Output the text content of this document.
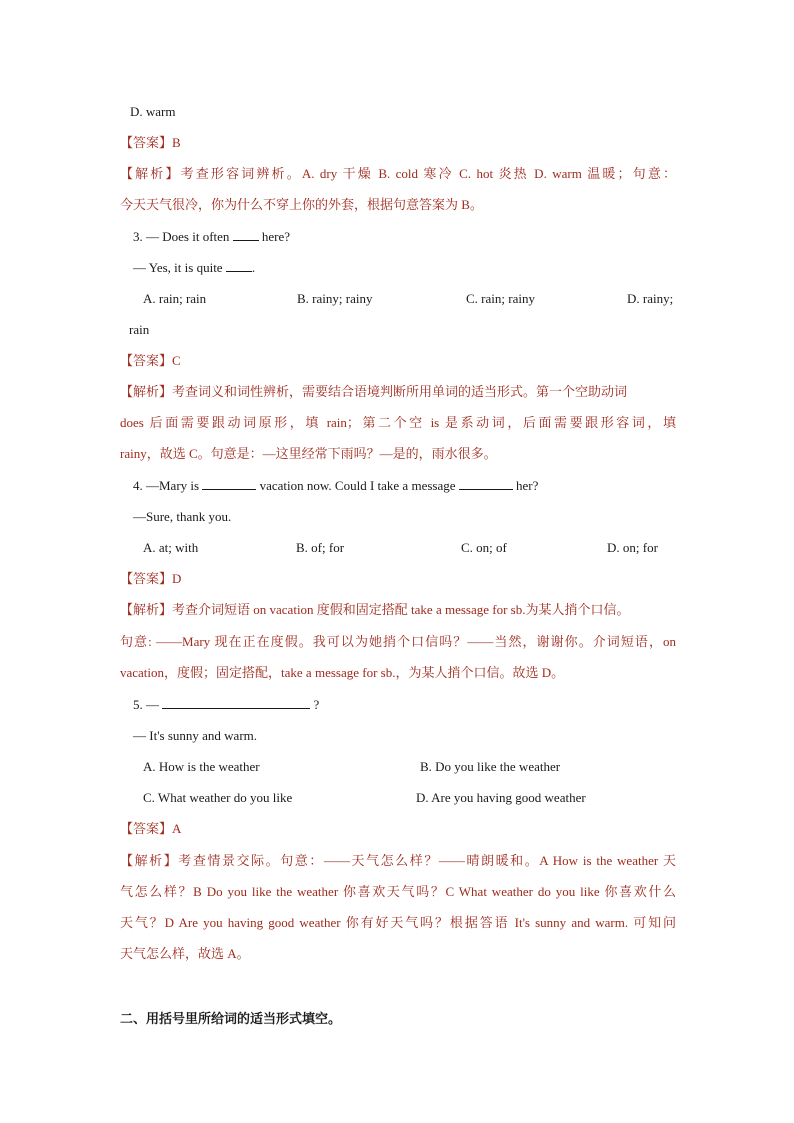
D. warm
【答案】B
【解析】考查形容词辨析。A. dry 干燥 B. cold 寒冷 C. hot 炎热 D. warm 温暖；句意：
今天天气很冷，你为什么不穿上你的外套，根据句意答案为 B。
3. — Does it often  here?
— Yes, it is quite .
A. rain; rain	B. rainy; rainy	C. rain; rainy	D. rainy;
rain
【答案】C
【解析】考查词义和词性辨析，需要结合语境判断所用单词的适当形式。第一个空助动词
does 后面需要跟动词原形，填 rain；第二个空 is 是系动词，后面需要跟形容词，填
rainy，故选 C。句意是：—这里经常下雨吗？—是的，雨水很多。
4. —Mary is	vacation now. Could I take a message	her?
—Sure, thank you.
A. at; with	B. of; for	C. on; of	D. on; for
【答案】D
【解析】考查介词短语 on vacation 度假和固定搭配 take a message for sb.为某人捎个口信。
句意: ——Mary 现在正在度假。我可以为她捎个口信吗？——当然，谢谢你。介词短语，on
vacation，度假；固定搭配，take a message for sb.，为某人捎个口信。故选 D。
5. —	?
— It's sunny and warm.
A. How is the weather	B. Do you like the weather
C. What weather do you like	D. Are you having good weather
【答案】A
【解析】考查情景交际。句意：——天气怎么样？——晴朗暖和。A How is the weather 天
气怎么样？B Do you like the weather 你喜欢天气吗？C What weather do you like 你喜欢什么
天气？D Are you having good weather 你有好天气吗？根据答语 It's sunny and warm. 可知问
天气怎么样，故选 A。
二、用括号里所给词的适当形式填空。
